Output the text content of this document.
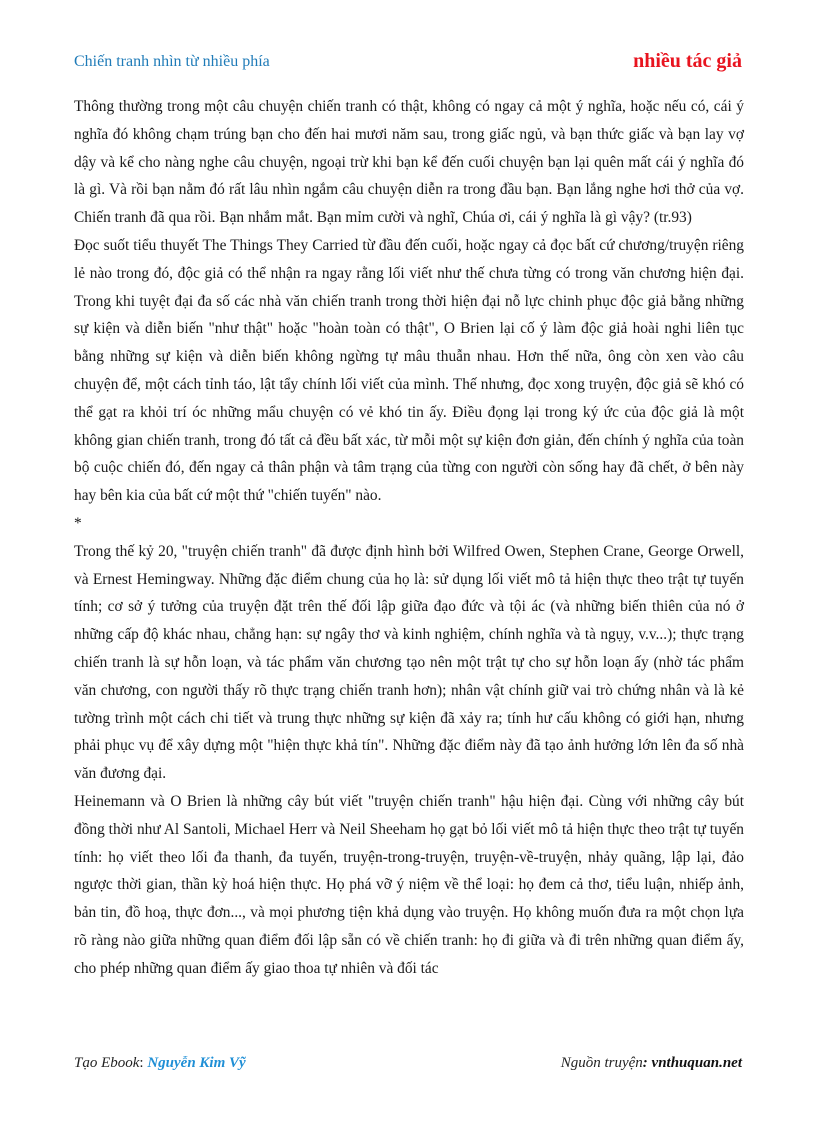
Chiến tranh nhìn từ nhiều phía	nhiều tác giả

Thông thường trong một câu chuyện chiến tranh có thật, không có ngay cả một ý nghĩa, hoặc nếu có, cái ý nghĩa đó không chạm trúng bạn cho đến hai mươi năm sau, trong giấc ngủ, và bạn thức giấc và bạn lay vợ dậy và kể cho nàng nghe câu chuyện, ngoại trừ khi bạn kể đến cuối chuyện bạn lại quên mất cái ý nghĩa đó là gì. Và rồi bạn nằm đó rất lâu nhìn ngắm câu chuyện diễn ra trong đầu bạn. Bạn lắng nghe hơi thở của vợ. Chiến tranh đã qua rồi. Bạn nhắm mắt. Bạn mỉm cười và nghĩ, Chúa ơi, cái ý nghĩa là gì vậy? (tr.93)

Đọc suốt tiểu thuyết The Things They Carried từ đầu đến cuối, hoặc ngay cả đọc bất cứ chương/truyện riêng lẻ nào trong đó, độc giả có thể nhận ra ngay rằng lối viết như thế chưa từng có trong văn chương hiện đại. Trong khi tuyệt đại đa số các nhà văn chiến tranh trong thời hiện đại nỗ lực chinh phục độc giả bằng những sự kiện và diễn biến "như thật" hoặc "hoàn toàn có thật", O Brien lại cố ý làm độc giả hoài nghi liên tục bằng những sự kiện và diễn biến không ngừng tự mâu thuẫn nhau. Hơn thế nữa, ông còn xen vào câu chuyện để, một cách tỉnh táo, lật tẩy chính lối viết của mình. Thế nhưng, đọc xong truyện, độc giả sẽ khó có thể gạt ra khỏi trí óc những mẩu chuyện có vẻ khó tin ấy. Điều đọng lại trong ký ức của độc giả là một không gian chiến tranh, trong đó tất cả đều bất xác, từ mỗi một sự kiện đơn giản, đến chính ý nghĩa của toàn bộ cuộc chiến đó, đến ngay cả thân phận và tâm trạng của từng con người còn sống hay đã chết, ở bên này hay bên kia của bất cứ một thứ "chiến tuyến" nào.

*

Trong thế kỷ 20, "truyện chiến tranh" đã được định hình bởi Wilfred Owen, Stephen Crane, George Orwell, và Ernest Hemingway. Những đặc điểm chung của họ là: sử dụng lối viết mô tả hiện thực theo trật tự tuyến tính; cơ sở ý tưởng của truyện đặt trên thế đối lập giữa đạo đức và tội ác (và những biến thiên của nó ở những cấp độ khác nhau, chẳng hạn: sự ngây thơ và kinh nghiệm, chính nghĩa và tà ngụy, v.v...); thực trạng chiến tranh là sự hỗn loạn, và tác phẩm văn chương tạo nên một trật tự cho sự hỗn loạn ấy (nhờ tác phẩm văn chương, con người thấy rõ thực trạng chiến tranh hơn); nhân vật chính giữ vai trò chứng nhân và là kẻ tường trình một cách chi tiết và trung thực những sự kiện đã xảy ra; tính hư cấu không có giới hạn, nhưng phải phục vụ để xây dựng một "hiện thực khả tín". Những đặc điểm này đã tạo ảnh hưởng lớn lên đa số nhà văn đương đại.

Heinemann và O Brien là những cây bút viết "truyện chiến tranh" hậu hiện đại. Cùng với những cây bút đồng thời như Al Santoli, Michael Herr và Neil Sheeham họ gạt bỏ lối viết mô tả hiện thực theo trật tự tuyến tính: họ viết theo lối đa thanh, đa tuyến, truyện-trong-truyện, truyện-về-truyện, nhảy quãng, lập lại, đảo ngược thời gian, thần kỳ hoá hiện thực. Họ phá vỡ ý niệm về thể loại: họ đem cả thơ, tiểu luận, nhiếp ảnh, bản tin, đồ hoạ, thực đơn..., và mọi phương tiện khả dụng vào truyện. Họ không muốn đưa ra một chọn lựa rõ ràng nào giữa những quan điểm đối lập sẵn có về chiến tranh: họ đi giữa và đi trên những quan điểm ấy, cho phép những quan điểm ấy giao thoa tự nhiên và đối tác

Tạo Ebook: Nguyễn Kim Vỹ	Nguồn truyện: vnthuquan.net
